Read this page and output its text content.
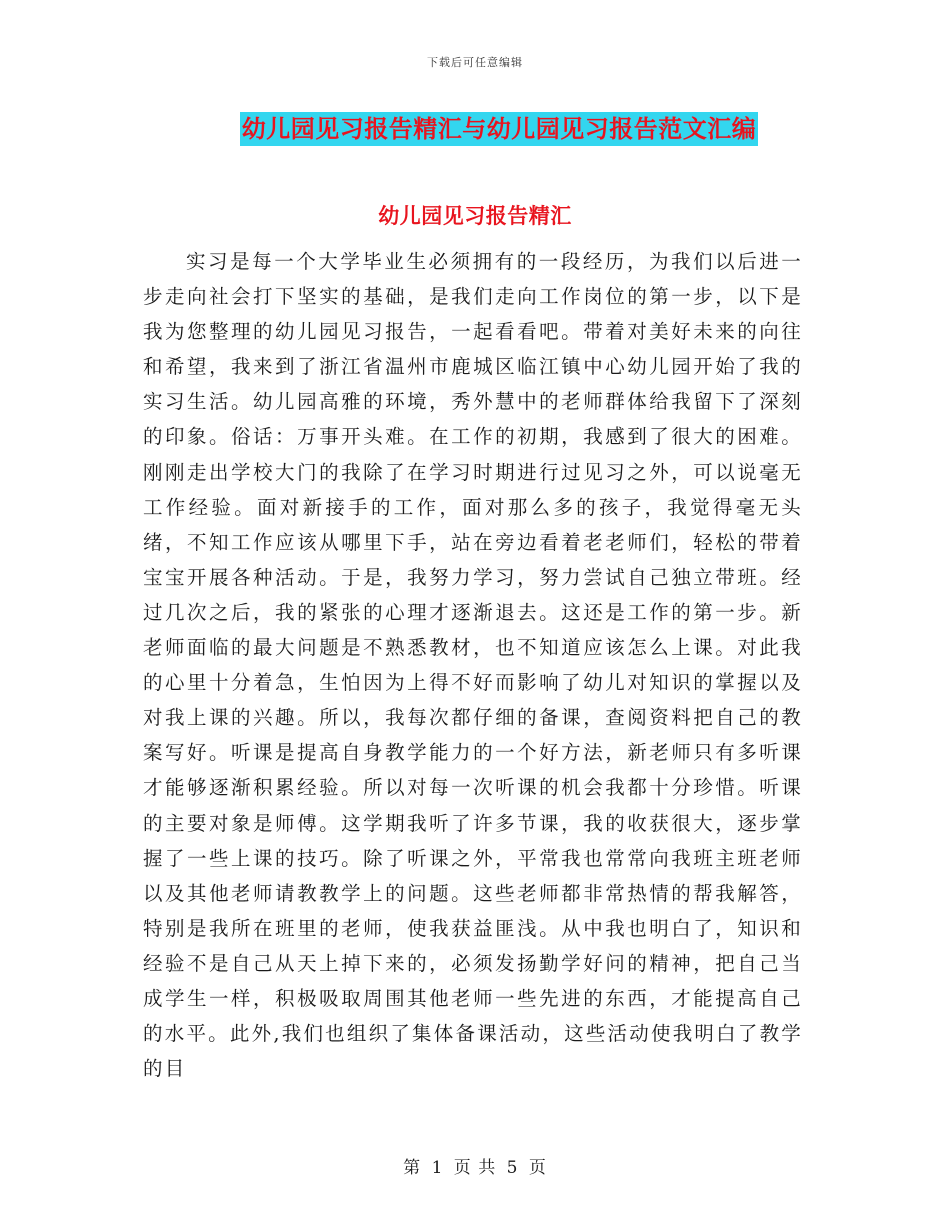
下载后可任意编辑
幼儿园见习报告精汇与幼儿园见习报告范文汇编
幼儿园见习报告精汇

实习是每一个大学毕业生必须拥有的一段经历，为我们以后进一步走向社会打下坚实的基础，是我们走向工作岗位的第一步，以下是我为您整理的幼儿园见习报告，一起看看吧。带着对美好未来的向往和希望，我来到了浙江省温州市鹿城区临江镇中心幼儿园开始了我的实习生活。幼儿园高雅的环境，秀外慧中的老师群体给我留下了深刻的印象。俗话：万事开头难。在工作的初期，我感到了很大的困难。刚刚走出学校大门的我除了在学习时期进行过见习之外，可以说毫无工作经验。面对新接手的工作，面对那么多的孩子，我觉得毫无头绪，不知工作应该从哪里下手，站在旁边看着老老师们，轻松的带着宝宝开展各种活动。于是，我努力学习，努力尝试自己独立带班。经过几次之后，我的紧张的心理才逐渐退去。这还是工作的第一步。新老师面临的最大问题是不熟悉教材，也不知道应该怎么上课。对此我的心里十分着急，生怕因为上得不好而影响了幼儿对知识的掌握以及对我上课的兴趣。所以，我每次都仔细的备课，查阅资料把自己的教案写好。听课是提高自身教学能力的一个好方法，新老师只有多听课才能够逐渐积累经验。所以对每一次听课的机会我都十分珍惜。听课的主要对象是师傅。这学期我听了许多节课，我的收获很大，逐步掌握了一些上课的技巧。除了听课之外，平常我也常常向我班主班老师以及其他老师请教教学上的问题。这些老师都非常热情的帮我解答，特别是我所在班里的老师，使我获益匪浅。从中我也明白了，知识和经验不是自己从天上掉下来的，必须发扬勤学好问的精神，把自己当成学生一样，积极吸取周围其他老师一些先进的东西，才能提高自己的水平。此外,我们也组织了集体备课活动，这些活动使我明白了教学的目

第 1 页 共 5 页
